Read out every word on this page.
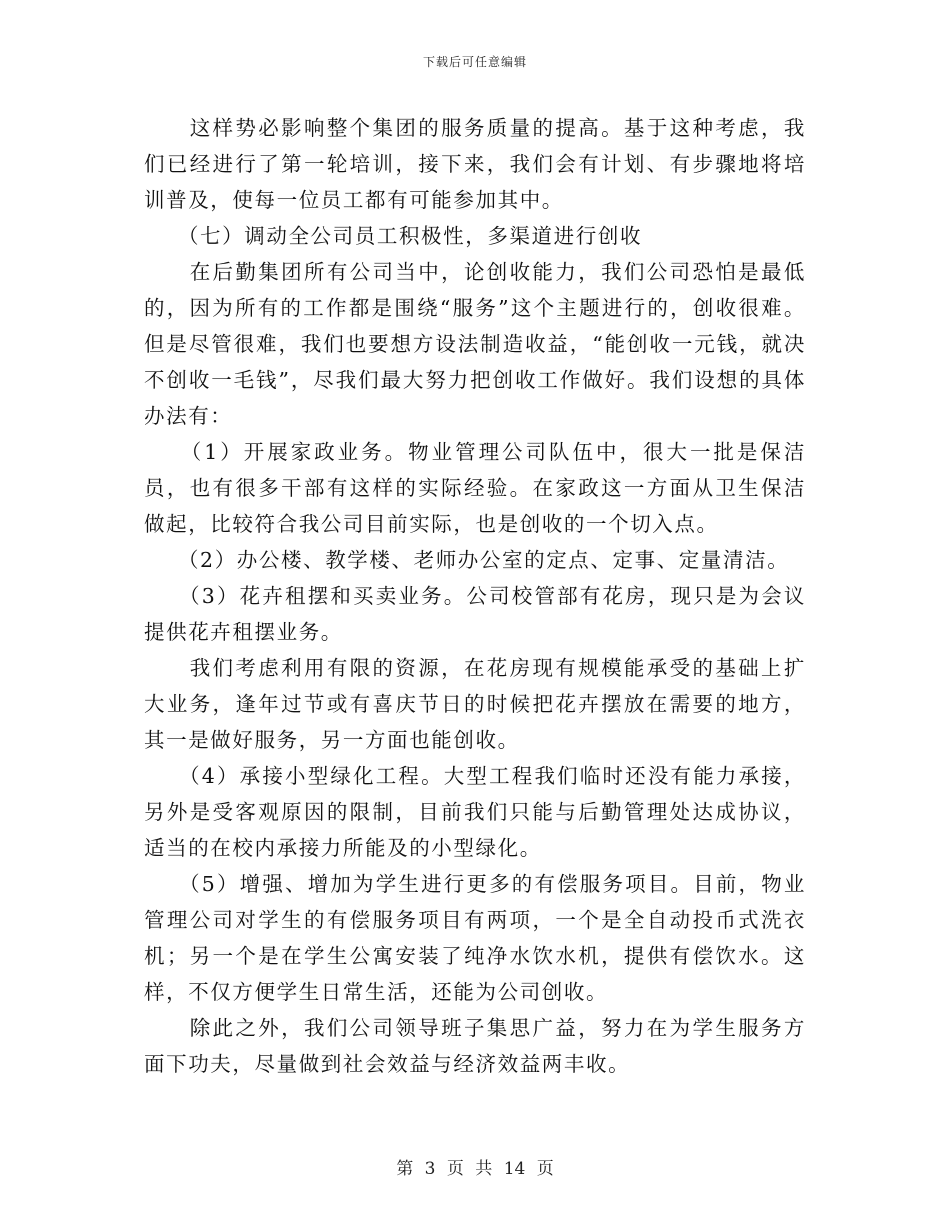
下载后可任意编辑

　　这样势必影响整个集团的服务质量的提高。基于这种考虑，我们已经进行了第一轮培训，接下来，我们会有计划、有步骤地将培训普及，使每一位员工都有可能参加其中。

　　（七）调动全公司员工积极性，多渠道进行创收

　　在后勤集团所有公司当中，论创收能力，我们公司恐怕是最低的，因为所有的工作都是围绕“服务”这个主题进行的，创收很难。但是尽管很难，我们也要想方设法制造收益，“能创收一元钱，就决不创收一毛钱”，尽我们最大努力把创收工作做好。我们设想的具体办法有：

　　（1）开展家政业务。物业管理公司队伍中，很大一批是保洁员，也有很多干部有这样的实际经验。在家政这一方面从卫生保洁做起，比较符合我公司目前实际，也是创收的一个切入点。

　　（2）办公楼、教学楼、老师办公室的定点、定事、定量清洁。

　　（3）花卉租摆和买卖业务。公司校管部有花房，现只是为会议提供花卉租摆业务。

　　我们考虑利用有限的资源，在花房现有规模能承受的基础上扩大业务，逢年过节或有喜庆节日的时候把花卉摆放在需要的地方，其一是做好服务，另一方面也能创收。

　　（4）承接小型绿化工程。大型工程我们临时还没有能力承接，另外是受客观原因的限制，目前我们只能与后勤管理处达成协议，适当的在校内承接力所能及的小型绿化。

　　（5）增强、增加为学生进行更多的有偿服务项目。目前，物业管理公司对学生的有偿服务项目有两项，一个是全自动投币式洗衣机；另一个是在学生公寓安装了纯净水饮水机，提供有偿饮水。这样，不仅方便学生日常生活，还能为公司创收。

　　除此之外，我们公司领导班子集思广益，努力在为学生服务方面下功夫，尽量做到社会效益与经济效益两丰收。

第 3 页 共 14 页
